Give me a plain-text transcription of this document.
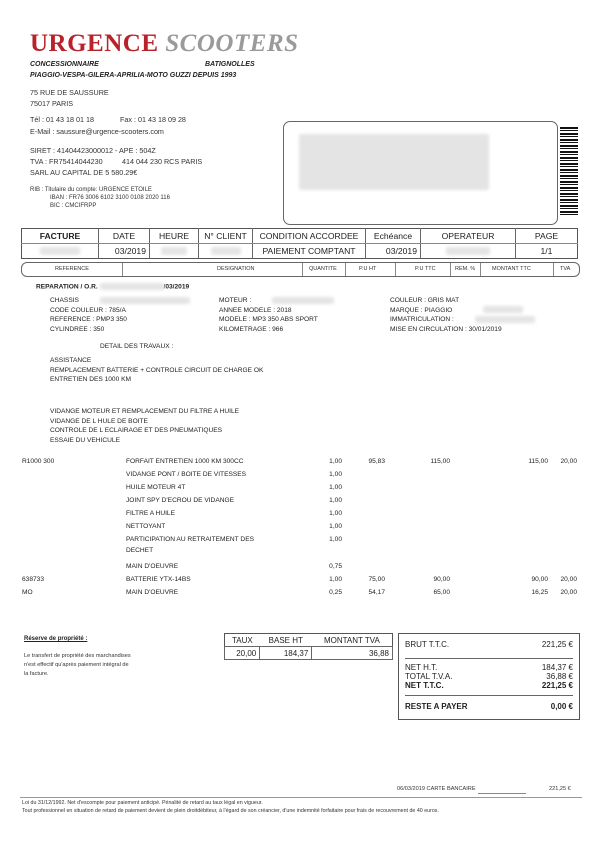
URGENCE SCOOTERS
CONCESSIONNAIRE	BATIGNOLLES
PIAGGIO-VESPA-GILERA-APRILIA-MOTO GUZZI DEPUIS 1993
75 RUE DE SAUSSURE
75017 PARIS
Tél : 01 43 18 01 18	Fax : 01 43 18 09 28
E-Mail : saussure@urgence-scooters.com
SIRET : 41404423000012 - APE : 504Z
TVA : FR75414044230	414 044 230 RCS PARIS
SARL AU CAPITAL DE 5 580.29€
RIB : Titulaire du compte: URGENCE ETOILE
IBAN : FR76 3006 6102 3100 0108 2020 116
BIC : CMCIFRPP
FACTURE	DATE	HEURE	N° CLIENT	CONDITION ACCORDEE	Echéance	OPERATEUR	PAGE

	03/2019			PAIEMENT COMPTANT	03/2019		1/1
REFERENCE	DESIGNATION	QUANTITE	P.U HT	P.U TTC	REM. %	MONTANT TTC	TVA
REPARATION / O.R.	/03/2019
CHASSIS
CODE COULEUR : 785/A
REFERENCE : PMP3 350
CYLINDREE : 350
MOTEUR :
ANNEE MODELE : 2018
MODELE : MP3 350 ABS SPORT
KILOMETRAGE : 966
COULEUR : GRIS MAT
MARQUE : PIAGGIO
IMMATRICULATION :
MISE EN CIRCULATION : 30/01/2019
DETAIL DES TRAVAUX :
ASSISTANCE
REMPLACEMENT BATTERIE + CONTROLE CIRCUIT DE CHARGE OK
ENTRETIEN DES 1000 KM
VIDANGE MOTEUR ET REMPLACEMENT DU FILTRE A HUILE
VIDANGE DE L HULE DE BOITE
CONTROLE DE L ECLAIRAGE ET DES PNEUMATIQUES
ESSAIE DU VEHICULE
R1000 300	FORFAIT ENTRETIEN 1000 KM 300CC	1,00	95,83	115,00	115,00	20,00
VIDANGE PONT / BOITE DE VITESSES	1,00
HUILE MOTEUR 4T	1,00
JOINT SPY D'ECROU DE VIDANGE	1,00
FILTRE A HUILE	1,00
NETTOYANT	1,00
PARTICIPATION AU RETRAITEMENT DES	1,00
DECHET
MAIN D'OEUVRE	0,75
638733	BATTERIE YTX-14BS	1,00	75,00	90,00	90,00	20,00
MO	MAIN D'OEUVRE	0,25	54,17	65,00	16,25	20,00
Réserve de propriété :
Le transfert de propriété des marchandises
n'est effectif qu'après paiement intégral de
la facture.
TAUX	BASE HT	MONTANT TVA
20,00	184,37	36,88
BRUT T.T.C.	221,25 €
NET H.T.	184,37 €
TOTAL T.V.A.	36,88 €
NET T.T.C.	221,25 €
RESTE A PAYER	0,00 €
06/03/2019 CARTE BANCAIRE	221,25 €
Loi du 31/12/1992. Net d'escompte pour paiement anticipé. Pénalité de retard au taux légal en vigueur.
Tout professionnel en situation de retard de paiement devient de plein droitdébiteur, à l'égard de son créancier, d'une indemnité forfaitaire pour frais de recouvrement de 40 euros.
